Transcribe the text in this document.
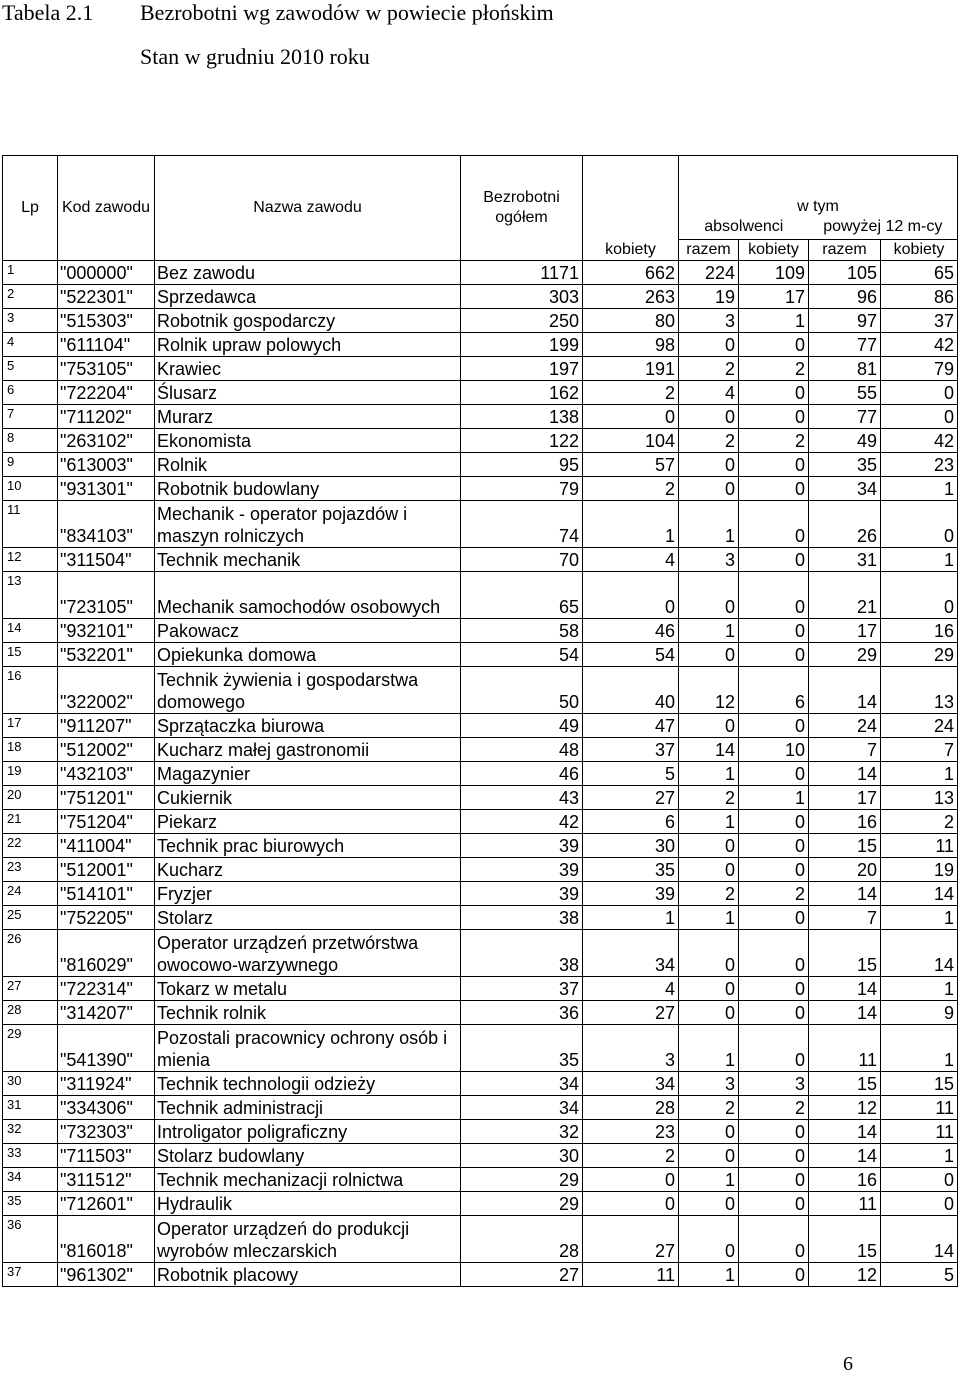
Tabela 2.1 Bezrobotni wg zawodów w powiecie płońskim
Stan w grudniu 2010 roku
Lp	Kod zawodu	Nazwa zawodu	Bezrobotni ogółem	kobiety	w tym
absolwenci powyżej 12 m-cy			

					razem	kobiety	razem	kobiety
1	"000000"	Bez zawodu	1171	662	224	109	105	65
2	"522301"	Sprzedawca	303	263	19	17	96	86
3	"515303"	Robotnik gospodarczy	250	80	3	1	97	37
4	"611104"	Rolnik upraw polowych	199	98	0	0	77	42
5	"753105"	Krawiec	197	191	2	2	81	79
6	"722204"	Ślusarz	162	2	4	0	55	0
7	"711202"	Murarz	138	0	0	0	77	0
8	"263102"	Ekonomista	122	104	2	2	49	42
9	"613003"	Rolnik	95	57	0	0	35	23
10	"931301"	Robotnik budowlany	79	2	0	0	34	1
11	"834103"	Mechanik - operator pojazdów i maszyn rolniczych	74	1	1	0	26	0
12	"311504"	Technik mechanik	70	4	3	0	31	1
13	"723105"	Mechanik samochodów osobowych	65	0	0	0	21	0
14	"932101"	Pakowacz	58	46	1	0	17	16
15	"532201"	Opiekunka domowa	54	54	0	0	29	29
16	"322002"	Technik żywienia i gospodarstwa domowego	50	40	12	6	14	13
17	"911207"	Sprzątaczka biurowa	49	47	0	0	24	24
18	"512002"	Kucharz małej gastronomii	48	37	14	10	7	7
19	"432103"	Magazynier	46	5	1	0	14	1
20	"751201"	Cukiernik	43	27	2	1	17	13
21	"751204"	Piekarz	42	6	1	0	16	2
22	"411004"	Technik prac biurowych	39	30	0	0	15	11
23	"512001"	Kucharz	39	35	0	0	20	19
24	"514101"	Fryzjer	39	39	2	2	14	14
25	"752205"	Stolarz	38	1	1	0	7	1
26	"816029"	Operator urządzeń przetwórstwa owocowo-warzywnego	38	34	0	0	15	14
27	"722314"	Tokarz w metalu	37	4	0	0	14	1
28	"314207"	Technik rolnik	36	27	0	0	14	9
29	"541390"	Pozostali pracownicy ochrony osób i mienia	35	3	1	0	11	1
30	"311924"	Technik technologii odzieży	34	34	3	3	15	15
31	"334306"	Technik administracji	34	28	2	2	12	11
32	"732303"	Introligator poligraficzny	32	23	0	0	14	11
33	"711503"	Stolarz budowlany	30	2	0	0	14	1
34	"311512"	Technik mechanizacji rolnictwa	29	0	1	0	16	0
35	"712601"	Hydraulik	29	0	0	0	11	0
36	"816018"	Operator urządzeń do produkcji wyrobów mleczarskich	28	27	0	0	15	14
37	"961302"	Robotnik placowy	27	11	1	0	12	5
6
